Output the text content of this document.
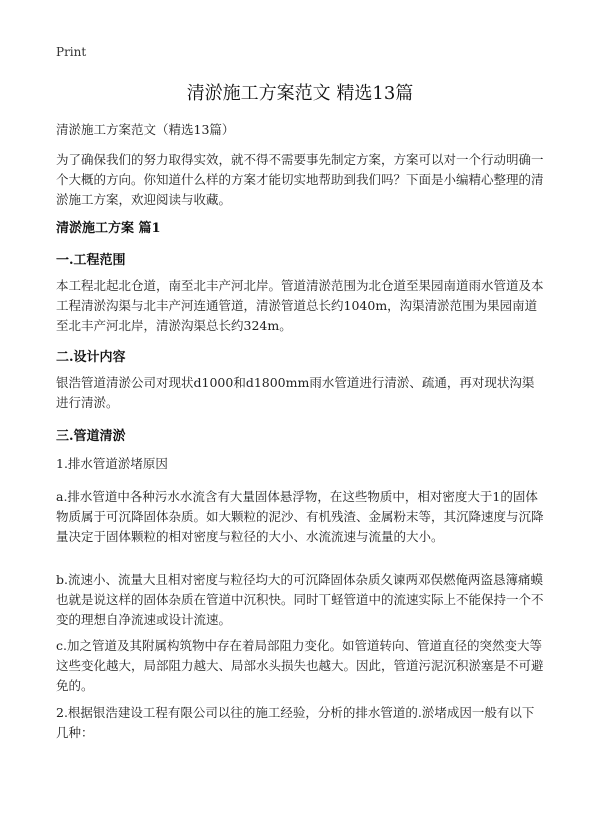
Print
清淤施工方案范文 精选13篇
清淤施工方案范文（精选13篇）
为了确保我们的努力取得实效，就不得不需要事先制定方案，方案可以对一个行动明确一个大概的方向。你知道什么样的方案才能切实地帮助到我们吗？下面是小编精心整理的清淤施工方案，欢迎阅读与收藏。
清淤施工方案 篇1
一.工程范围
本工程北起北仓道，南至北丰产河北岸。管道清淤范围为北仓道至果园南道雨水管道及本工程清淤沟渠与北丰产河连通管道，清淤管道总长约1040m，沟渠清淤范围为果园南道至北丰产河北岸，清淤沟渠总长约324m。
二.设计内容
银浩管道清淤公司对现状d1000和d1800mm雨水管道进行清淤、疏通，再对现状沟渠进行清淤。
三.管道清淤
1.排水管道淤堵原因
a.排水管道中各种污水水流含有大量固体悬浮物，在这些物质中，相对密度大于1的固体物质属于可沉降固体杂质。如大颗粒的泥沙、有机残渣、金属粉末等，其沉降速度与沉降量决定于固体颗粒的相对密度与粒径的大小、水流流速与流量的大小。
b.流速小、流量大且相对密度与粒径均大的可沉降固体杂质夂谏两邓俣燃俺两盗恳簿痛蟆也就是说这样的固体杂质在管道中沉积快。同时丅蛏管道中的流速实际上不能保持一个不变的理想自净流速或设计流速。
c.加之管道及其附属构筑物中存在着局部阻力变化。如管道转向、管道直径的突然变大等这些变化越大，局部阻力越大、局部水头损失也越大。因此，管道污泥沉积淤塞是不可避免的。
2.根据银浩建设工程有限公司以往的施工经验，分析的排水管道的.淤堵成因一般有以下几种：
